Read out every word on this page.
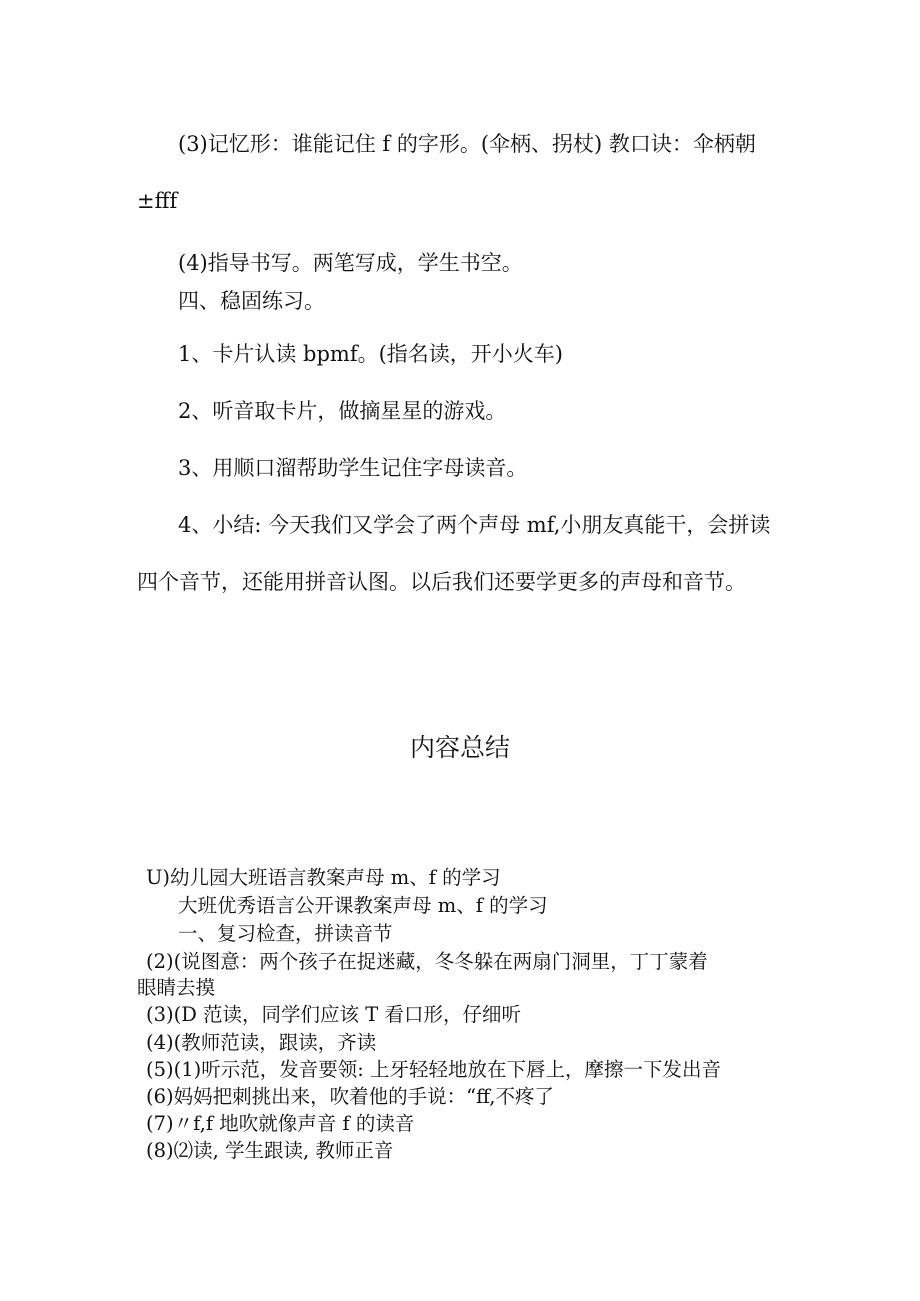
(3)记忆形：谁能记住 f 的字形。(伞柄、拐杖) 教口诀：伞柄朝
±fff
(4)指导书写。两笔写成，学生书空。
四、稳固练习。
1、卡片认读 bpmf。(指名读，开小火车)
2、听音取卡片，做摘星星的游戏。
3、用顺口溜帮助学生记住字母读音。
4、小结: 今天我们又学会了两个声母 mf,小朋友真能干，会拼读
四个音节，还能用拼音认图。以后我们还要学更多的声母和音节。
内容总结
U)幼儿园大班语言教案声母 m、f 的学习
大班优秀语言公开课教案声母 m、f 的学习
一、复习检查，拼读音节
(2)(说图意：两个孩子在捉迷藏，冬冬躲在两扇门洞里，丁丁蒙着
眼睛去摸
(3)(D 范读，同学们应该 T 看口形，仔细听
(4)(教师范读，跟读，齐读
(5)(1)听示范，发音要领: 上牙轻轻地放在下唇上，摩擦一下发出音
(6)妈妈把刺挑出来，吹着他的手说：“ff,不疼了
(7)〃f,f 地吹就像声音 f 的读音
(8)⑵读, 学生跟读, 教师正音
